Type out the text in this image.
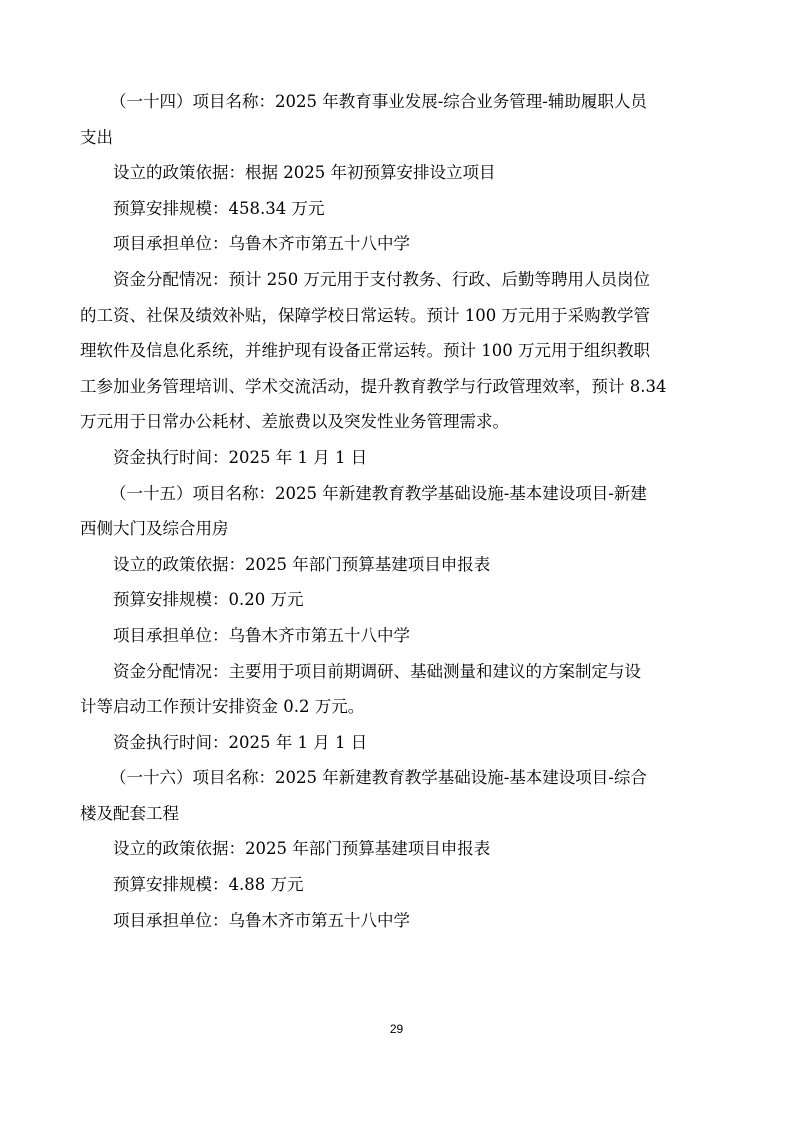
（一十四）项目名称：2025 年教育事业发展-综合业务管理-辅助履职人员
支出
设立的政策依据：根据 2025 年初预算安排设立项目
预算安排规模：458.34 万元
项目承担单位：乌鲁木齐市第五十八中学
资金分配情况：预计 250 万元用于支付教务、行政、后勤等聘用人员岗位
的工资、社保及绩效补贴，保障学校日常运转。预计 100 万元用于采购教学管
理软件及信息化系统，并维护现有设备正常运转。预计 100 万元用于组织教职
工参加业务管理培训、学术交流活动，提升教育教学与行政管理效率，预计 8.34
万元用于日常办公耗材、差旅费以及突发性业务管理需求。
资金执行时间：2025 年 1 月 1 日
（一十五）项目名称：2025 年新建教育教学基础设施-基本建设项目-新建
西侧大门及综合用房
设立的政策依据：2025 年部门预算基建项目申报表
预算安排规模：0.20 万元
项目承担单位：乌鲁木齐市第五十八中学
资金分配情况：主要用于项目前期调研、基础测量和建议的方案制定与设
计等启动工作预计安排资金 0.2 万元。
资金执行时间：2025 年 1 月 1 日
（一十六）项目名称：2025 年新建教育教学基础设施-基本建设项目-综合
楼及配套工程
设立的政策依据：2025 年部门预算基建项目申报表
预算安排规模：4.88 万元
项目承担单位：乌鲁木齐市第五十八中学
29
